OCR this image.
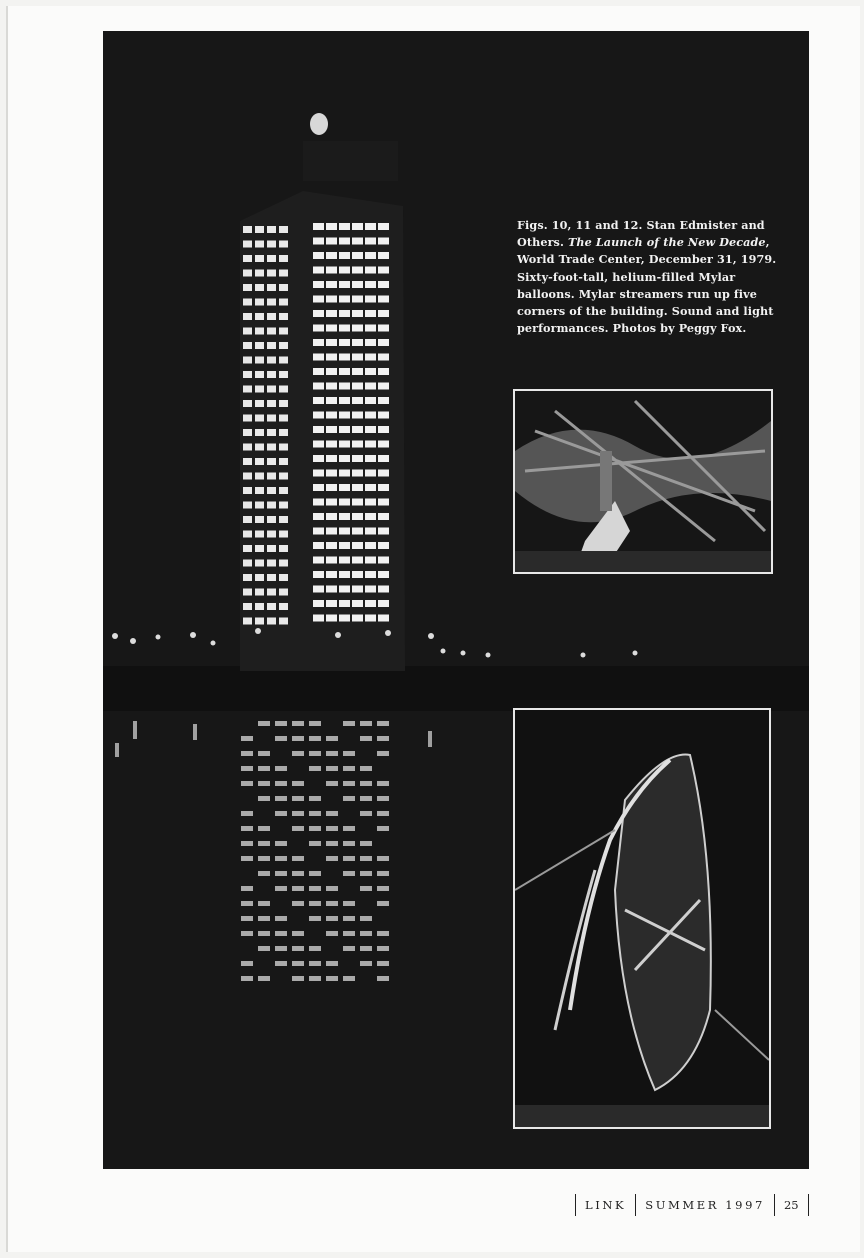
Figs. 10, 11 and 12. Stan Edmister and Others. The Launch of the New Decade, World Trade Center, December 31, 1979. Sixty-foot-tall, helium-filled Mylar balloons. Mylar streamers run up five corners of the building. Sound and light performances. Photos by Peggy Fox.
LINK SUMMER 1997 25
